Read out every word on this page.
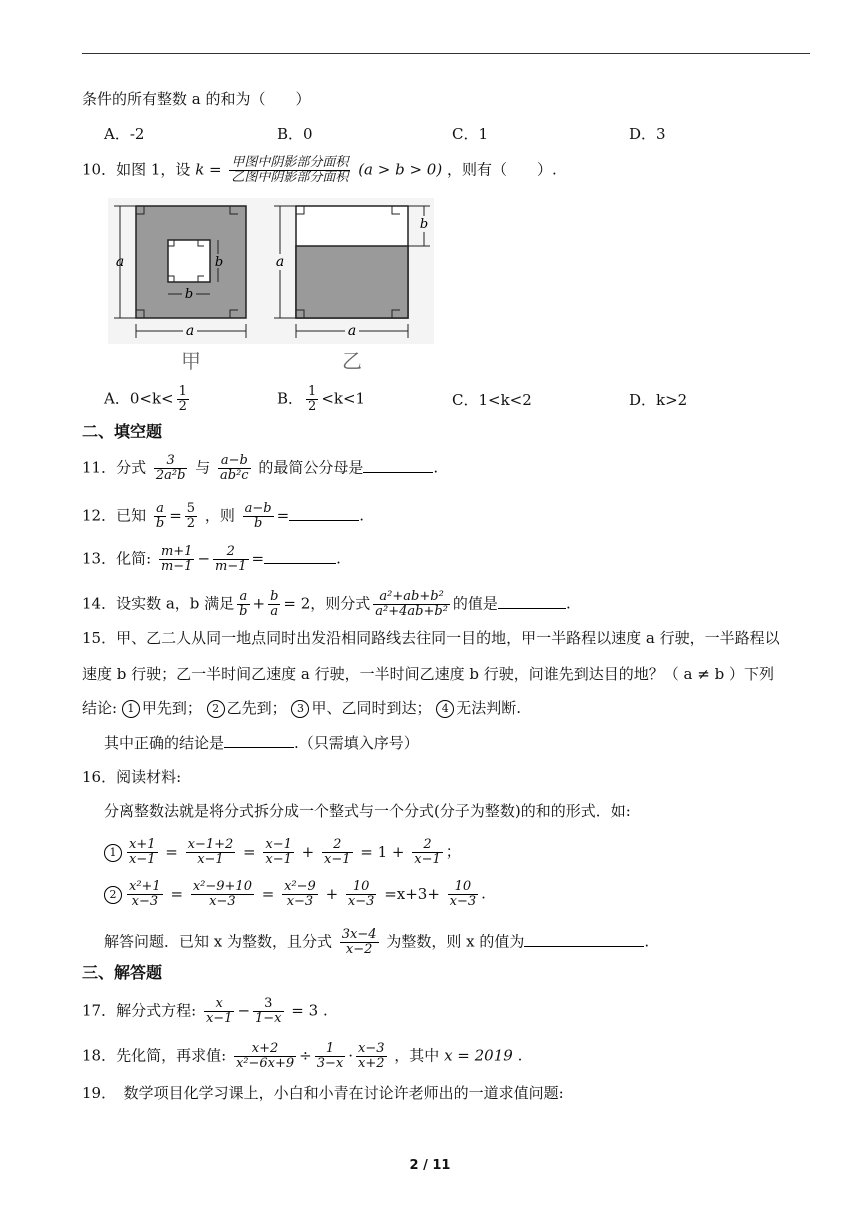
条件的所有整数 a 的和为（　　）
A．-2	B．0	C．1	D．3
10．如图 1，设 $k = \frac{\text{甲图中阴影部分面积}}{\text{乙图中阴影部分面积}} (a > b > 0)$ ，则有（　　）.
a
a
b
b
a
a
b
甲	乙
A．$0<k< \frac{1}{2}$	B． $\frac{1}{2} <k<1$	C．1<k<2	D．k>2
二、填空题
11．分式 $\frac{3}{\text{2a²b}}$ 与 $\frac{a-b}{\text{ab²c}}$ 的最简公分母是	.
12．已知 $\frac{a}{b} = \frac{5}{2}$ ，则 $\frac{a-b}{b}$ =	.
13．化简: $\frac{m+1}{m-1} - \frac{2}{m-1}$ =	.
14．设实数 a，b 满足 $\frac{a}{b} + \frac{b}{a} = 2$，则分式 $\frac{\text{a²+ab+b²}}{\text{a²+4ab+b²}}$ 的值是	.
15．甲、乙二人从同一地点同时出发沿相同路线去往同一目的地，甲一半路程以速度 a 行驶，一半路程以
速度 b 行驶；乙一半时间乙速度 a 行驶，一半时间乙速度 b 行驶，问谁先到达目的地？（ a ≠ b ）下列
结论: 1 甲先到； 2 乙先到； 3 甲、乙同时到达； 4 无法判断.
其中正确的结论是	.（只需填入序号）
16．阅读材料:
分离整数法就是将分式拆分成一个整式与一个分式(分子为整数)的和的形式．如:
$1 \frac{x+1}{x-1} = \frac{x-1+2}{x-1} = \frac{x-1}{x-1} + \frac{2}{x-1} = 1 + \frac{2}{x-1}$ ；
$2 \frac{\text{x²+1}}{x-3} = \frac{\text{x²−9+10}}{x-3} = \frac{\text{x²−9}}{x-3} + \frac{10}{x-3} =x+3+ \frac{10}{x-3}$ .
解答问题．已知 x 为整数，且分式 $\frac{3x-4}{x-2}$ 为整数，则 x 的值为	.
三、解答题
17．解分式方程: $\frac{x}{x-1} - \frac{3}{1-x} = 3$ .
18．先化简，再求值: $\frac{x+2}{\text{x²−6x+9}} \div \frac{1}{3-x} \cdot \frac{x-3}{x+2}$ ，其中 x = 2019 .
19．　数学项目化学习课上，小白和小青在讨论许老师出的一道求值问题:
2 / 11
